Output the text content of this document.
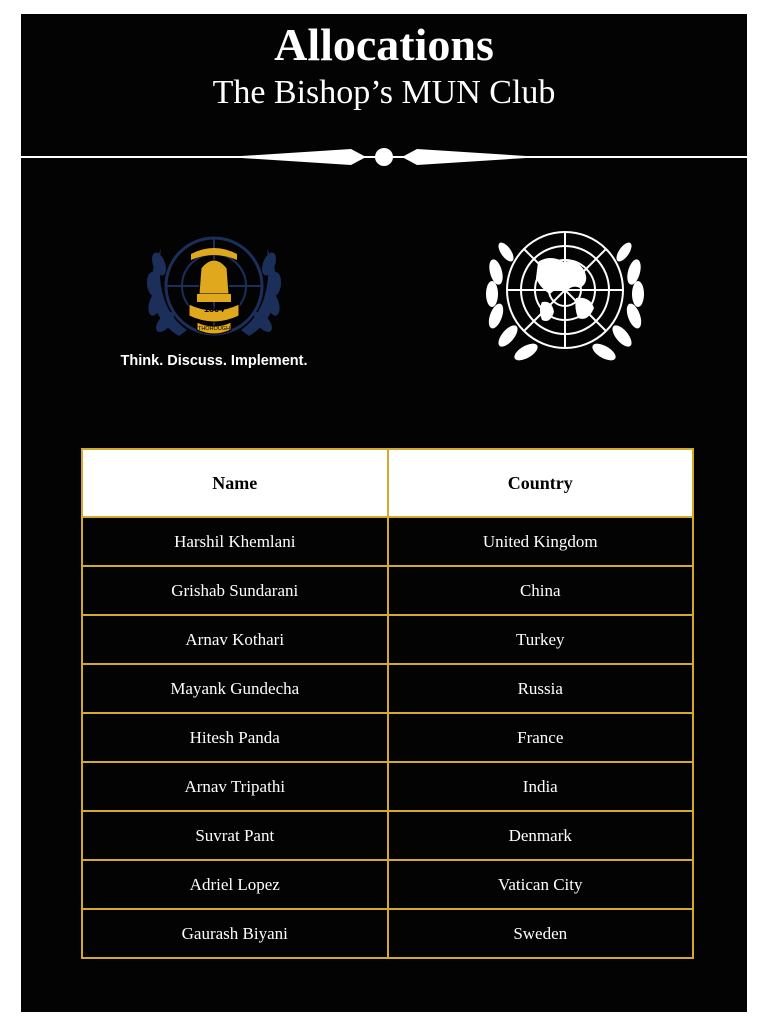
Allocations
The Bishop’s MUN Club
1864
THOROUGH
Think. Discuss. Implement.
Name	Country
Harshil Khemlani	United Kingdom
Grishab Sundarani	China
Arnav Kothari	Turkey
Mayank Gundecha	Russia
Hitesh Panda	France
Arnav Tripathi	India
Suvrat Pant	Denmark
Adriel Lopez	Vatican City
Gaurash Biyani	Sweden
